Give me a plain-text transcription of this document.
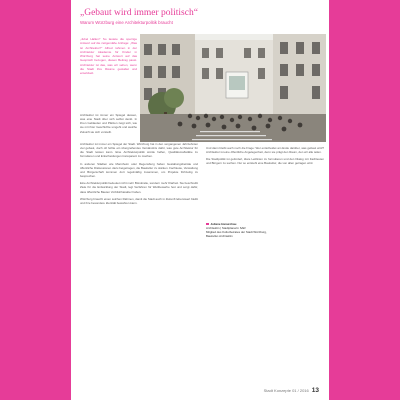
„Gebaut wird immer politisch“
Warum Würzburg eine Architekturpolitik braucht
„Jubel Hallen!“ So lautete die sperrige Antwort auf die zeitgemäße Anfrage: „Was ist Architektur?“ Alfred rahmen in der Architektur Akademie für Kinder in Würzburg hat seine Antwort auf das Gespräch bezogen, diesen Beitrag passt. Architektur ist das, was wir sehen, wenn die Stadt ihre Räume gestaltet und entwickelt.
Architektur ist immer ein Spiegel dessen, was eine Stadt über sich selbst denkt. In ihren Gebäuden und Plätzen zeigt sich, wie sie mit ihrer Geschichte umgeht und welche Zukunft sie sich vorstellt.

Architektur ist immer ein Spiegel der Stadt. Würzburg hat in den vergangenen Jahrzehnten viel gebaut, doch oft fehlte ein übergreifendes Verständnis dafür, was gute Architektur für die Stadt leisten kann. Eine Architekturpolitik würde helfen, Qualitätsmaßstäbe zu formulieren und Entscheidungen transparent zu machen.

In anderen Städten wie Mannheim oder Regensburg haben Gestaltungsbeiräte und öffentliche Diskussionen dazu beigetragen, die Baukultur zu stärken. Fachleute, Verwaltung und Bürgerschaft kommen dort regelmäßig zusammen, um Projekte frühzeitig zu besprechen.

Eine Architekturpolitik bedeutet nicht mehr Bürokratie, sondern mehr Klarheit. Sie beschreibt Ziele für die Entwicklung der Stadt, legt Verfahren für Wettbewerbe fest und sorgt dafür, dass öffentliche Bauten Vorbildcharakter haben.

Würzburg braucht einen solchen Rahmen, damit die Stadt auch in Zukunft lebenswert bleibt und ihre besondere Identität bewahren kann.

Und dann bleibt auch noch die Frage: Wer entscheidet am Ende darüber, was gebaut wird? Architektur ist eine öffentliche Angelegenheit, denn sie prägt den Raum, den wir alle teilen.

Die Stadtpolitik ist gefordert, klare Leitlinien zu formulieren und den Dialog mit Fachleuten und Bürgern zu suchen. Nur so entsteht eine Baukultur, die von allen getragen wird.

Juliane Hanurchau
Architektin | Stadtplanerin SAR
Mitglied des Kulturbeirates der Stadt Würzburg,
Baukultur-Architektin
Stadt Konzepte 01 / 2016 13
